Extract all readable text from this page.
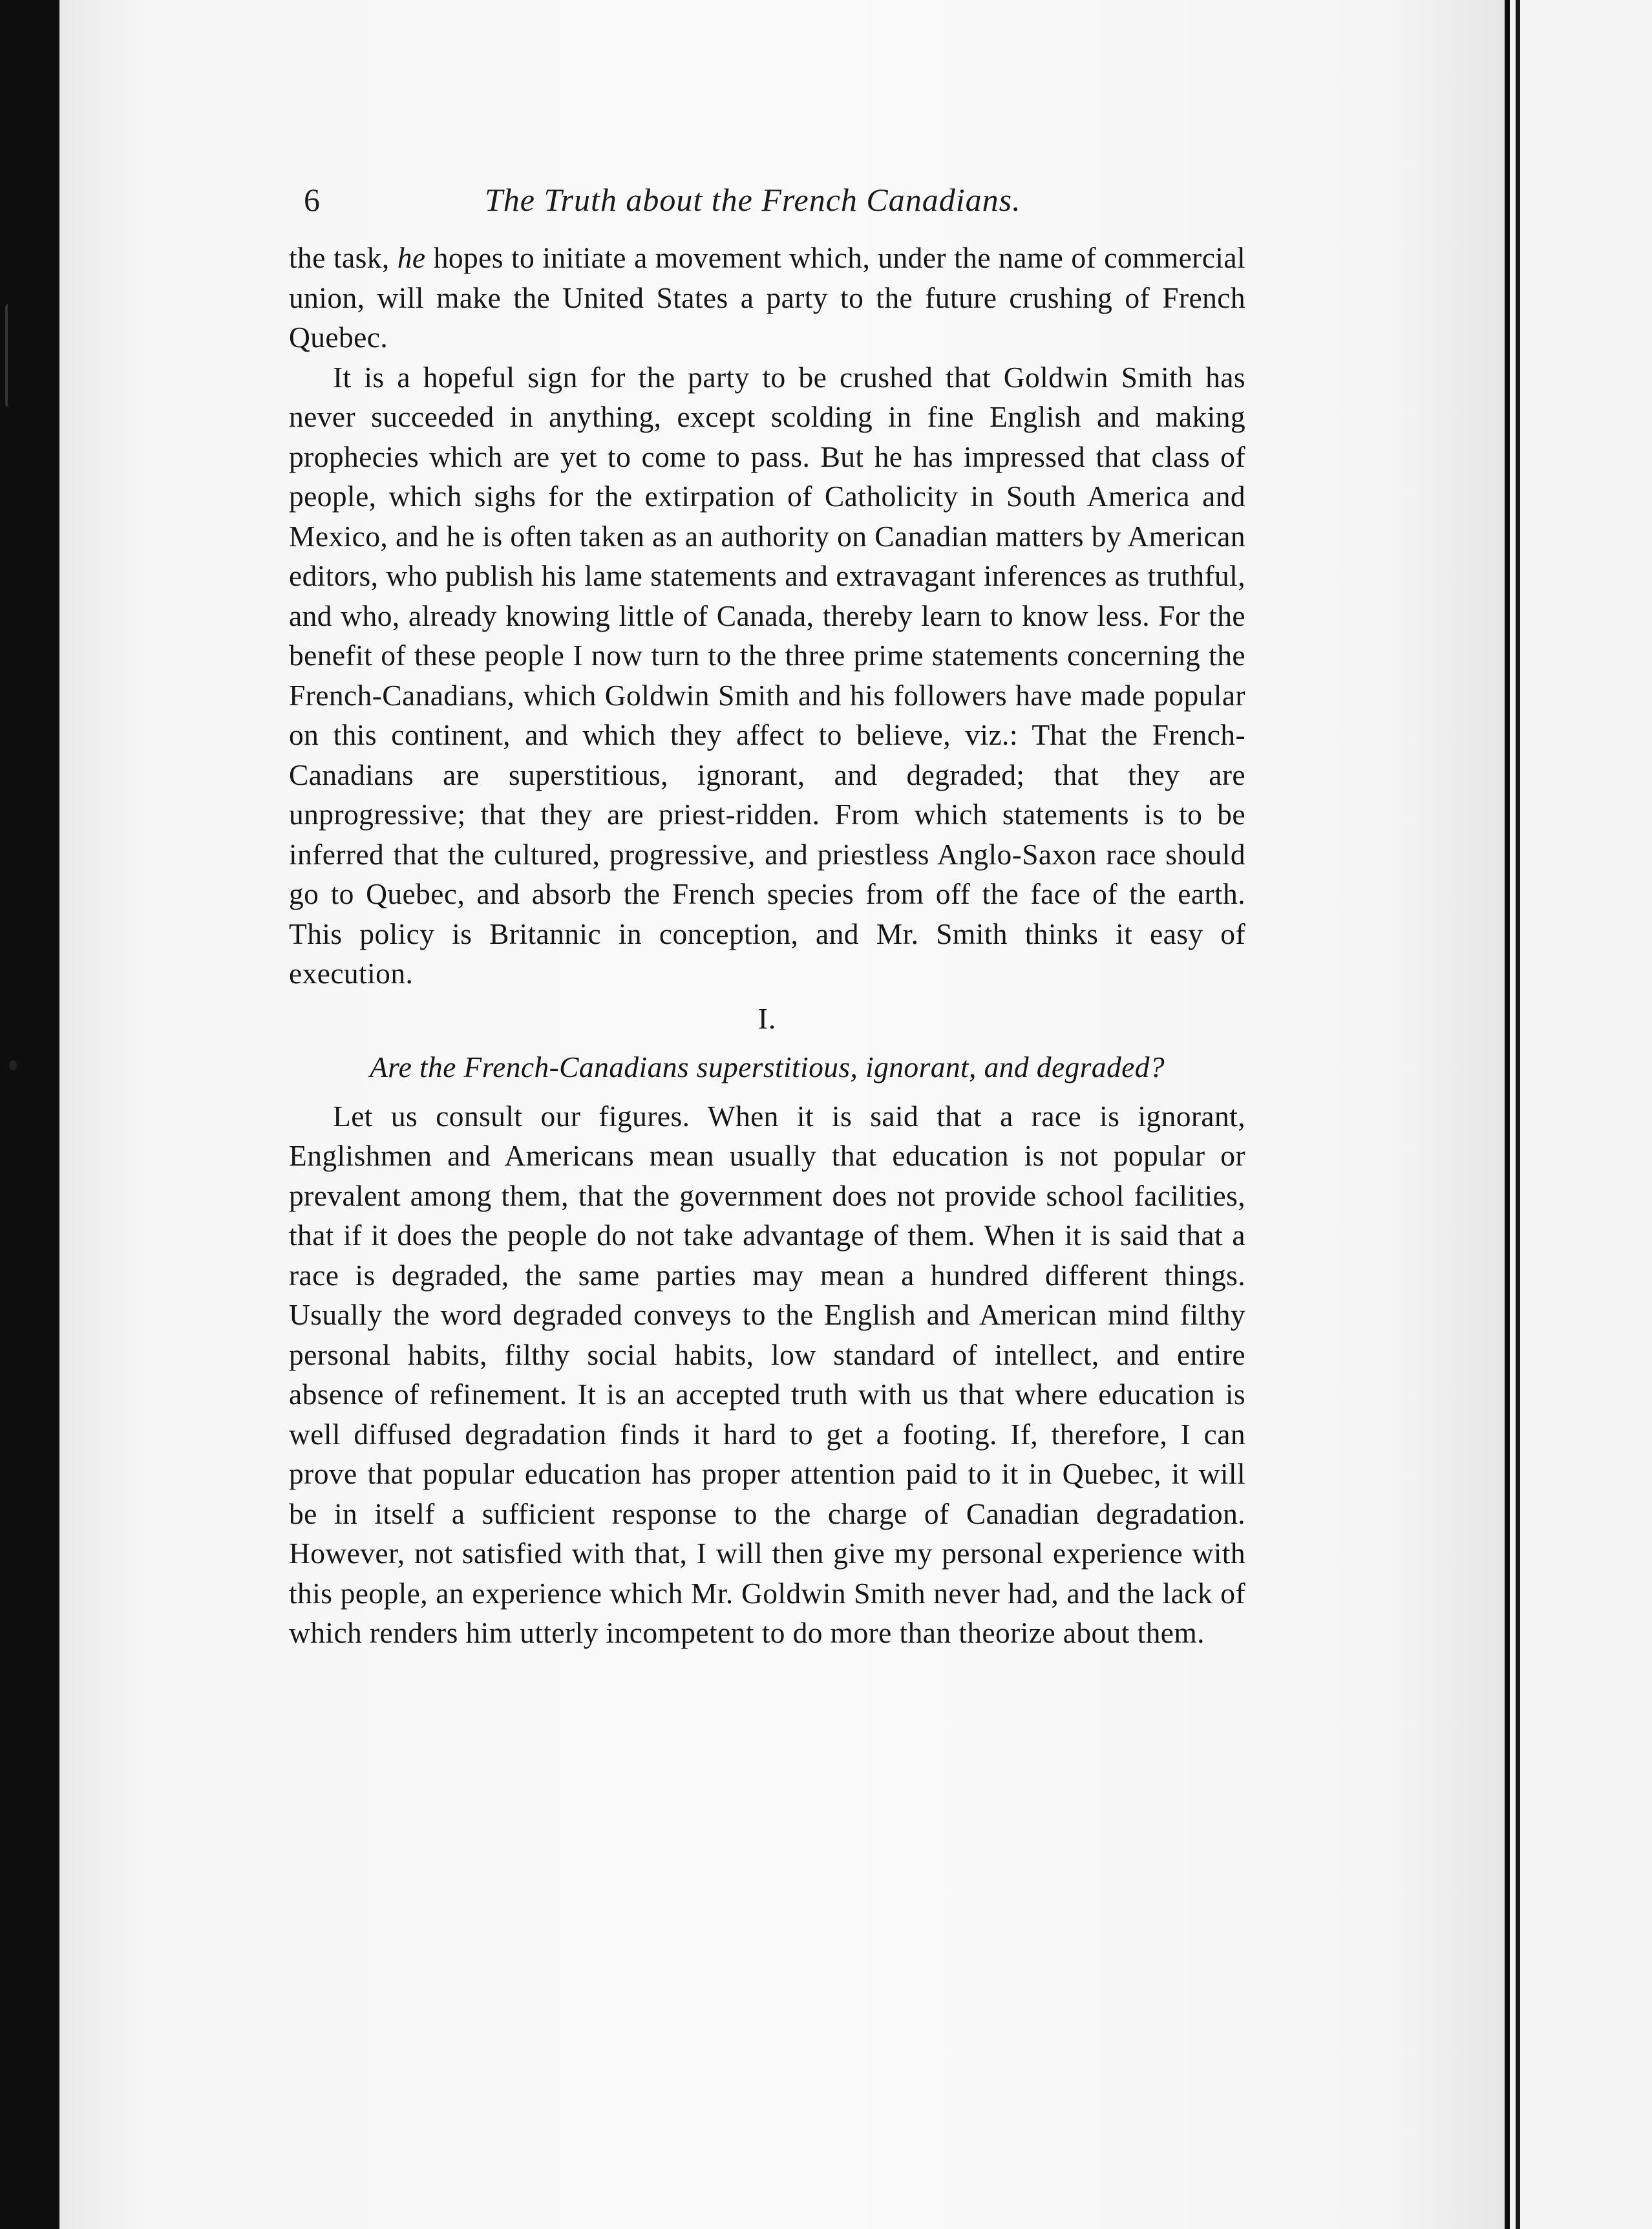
6	The Truth about the French Canadians.

the task, he hopes to initiate a movement which, under the name of commercial union, will make the United States a party to the future crushing of French Quebec.

It is a hopeful sign for the party to be crushed that Goldwin Smith has never succeeded in anything, except scolding in fine English and making prophecies which are yet to come to pass. But he has impressed that class of people, which sighs for the extirpation of Catholicity in South America and Mexico, and he is often taken as an authority on Canadian matters by American editors, who publish his lame statements and extravagant inferences as truthful, and who, already knowing little of Canada, thereby learn to know less. For the benefit of these people I now turn to the three prime statements concerning the French-Canadians, which Goldwin Smith and his followers have made popular on this continent, and which they affect to believe, viz.: That the French-Canadians are superstitious, ignorant, and degraded; that they are unprogressive; that they are priest-ridden. From which statements is to be inferred that the cultured, progressive, and priestless Anglo-Saxon race should go to Quebec, and absorb the French species from off the face of the earth. This policy is Britannic in conception, and Mr. Smith thinks it easy of execution.

I.
Are the French-Canadians superstitious, ignorant, and degraded?

Let us consult our figures. When it is said that a race is ignorant, Englishmen and Americans mean usually that education is not popular or prevalent among them, that the government does not provide school facilities, that if it does the people do not take advantage of them. When it is said that a race is degraded, the same parties may mean a hundred different things. Usually the word degraded conveys to the English and American mind filthy personal habits, filthy social habits, low standard of intellect, and entire absence of refinement. It is an accepted truth with us that where education is well diffused degradation finds it hard to get a footing. If, therefore, I can prove that popular education has proper attention paid to it in Quebec, it will be in itself a sufficient response to the charge of Canadian degradation. However, not satisfied with that, I will then give my personal experience with this people, an experience which Mr. Goldwin Smith never had, and the lack of which renders him utterly incompetent to do more than theorize about them.
